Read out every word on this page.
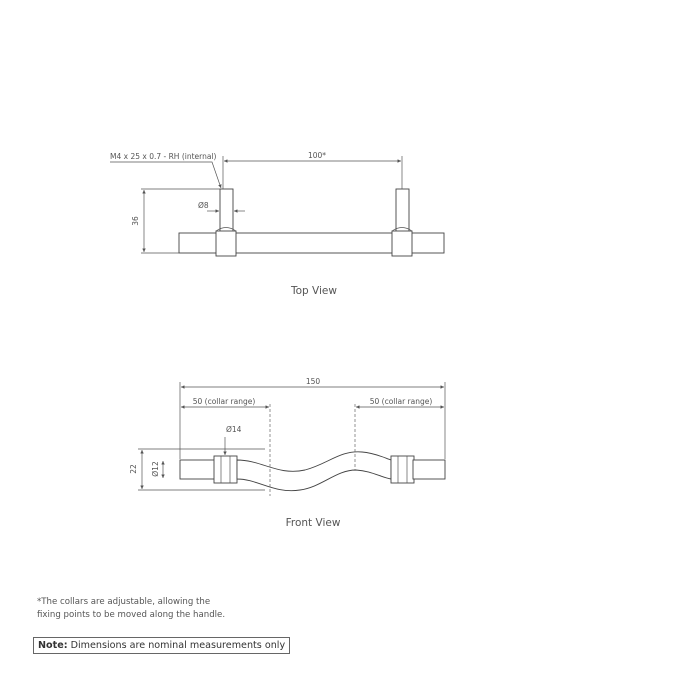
36
100*
M4 x 25 x 0.7 - RH (internal)
Ø8
Top View
150
50 (collar range)	50 (collar range)
Ø14
Ø12
22
Front View
*The collars are adjustable, allowing the
fixing points to be moved along the handle.
Note: Dimensions are nominal measurements only
